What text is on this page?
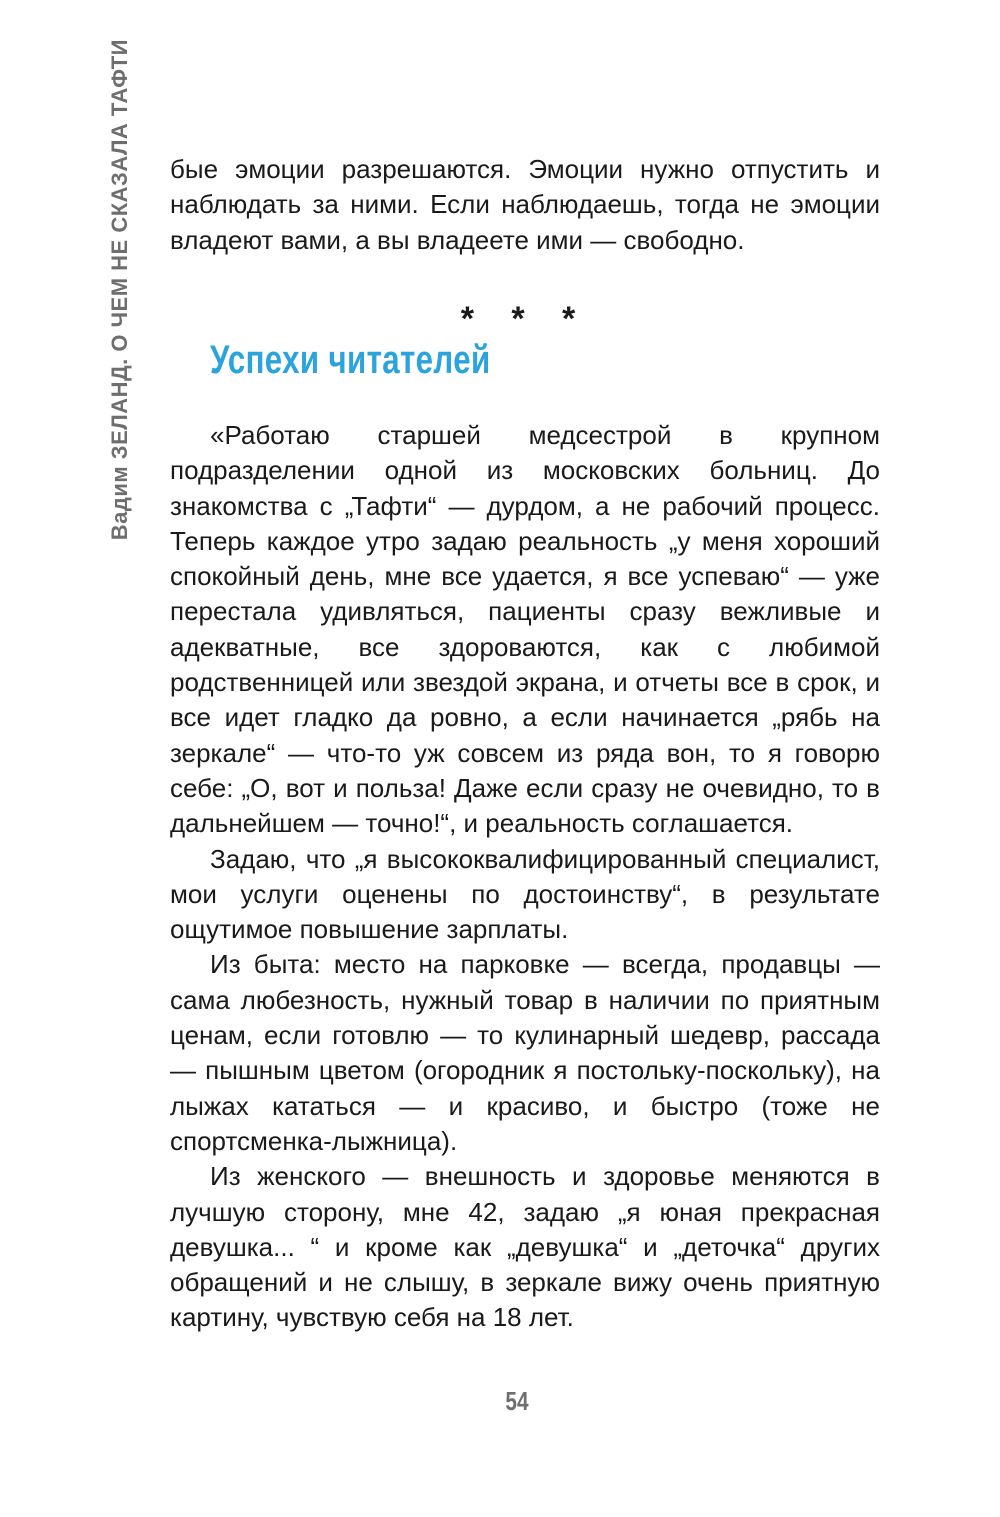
Вадим ЗЕЛАНД. О ЧЕМ НЕ СКАЗАЛА ТАФТИ бые эмоции разрешаются. Эмоции нужно отпустить и наблюдать за ними. Если наблюдаешь, тогда не эмоции владеют вами, а вы владеете ими — свободно.

* * *
Успехи читателей

«Работаю старшей медсестрой в крупном подразделении одной из московских больниц. До знакомства с „Тафти“ — дурдом, а не рабочий процесс. Теперь каждое утро задаю реальность „у меня хороший спокойный день, мне все удается, я все успеваю“ — уже перестала удивляться, пациенты сразу вежливые и адекватные, все здороваются, как с любимой родственницей или звездой экрана, и отчеты все в срок, и все идет гладко да ровно, а если начинается „рябь на зеркале“ — что-то уж совсем из ряда вон, то я говорю себе: „О, вот и польза! Даже если сразу не очевидно, то в дальнейшем — точно!“, и реальность соглашается.

Задаю, что „я высококвалифицированный специалист, мои услуги оценены по достоинству“, в результате ощутимое повышение зарплаты.

Из быта: место на парковке — всегда, продавцы — сама любезность, нужный товар в наличии по приятным ценам, если готовлю — то кулинарный шедевр, рассада — пышным цветом (огородник я постольку-поскольку), на лыжах кататься — и красиво, и быстро (тоже не спортсменка-лыжница).

Из женского — внешность и здоровье меняются в лучшую сторону, мне 42, задаю „я юная прекрасная девушка... “ и кроме как „девушка“ и „деточка“ других обращений и не слышу, в зеркале вижу очень приятную картину, чувствую себя на 18 лет.

54
